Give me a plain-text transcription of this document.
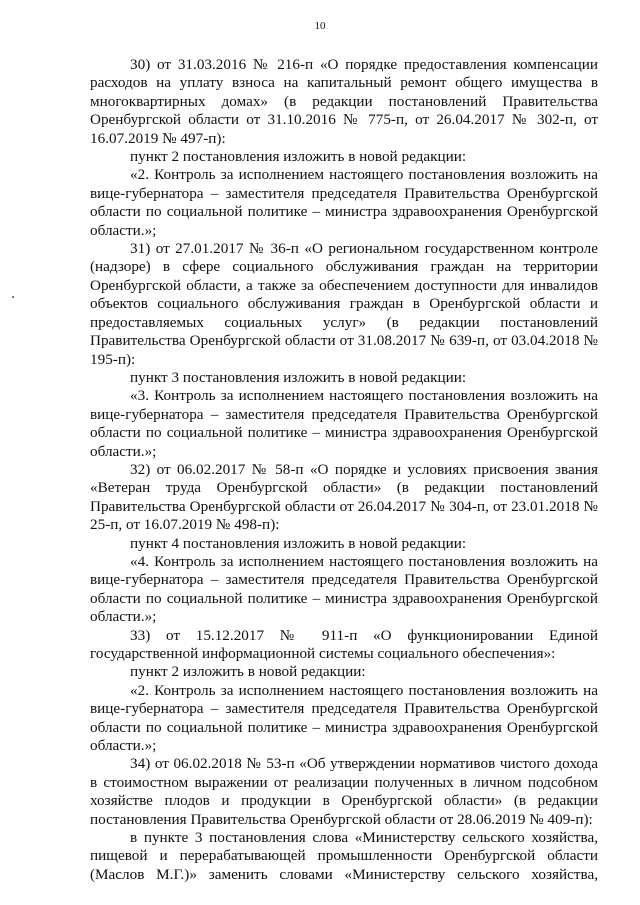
10

30) от 31.03.2016 № 216-п «О порядке предоставления компенсации расходов на уплату взноса на капитальный ремонт общего имущества в многоквартирных домах» (в редакции постановлений Правительства Оренбургской области от 31.10.2016 № 775-п, от 26.04.2017 № 302-п, от 16.07.2019 № 497-п):

пункт 2 постановления изложить в новой редакции:

«2. Контроль за исполнением настоящего постановления возложить на вице-губернатора – заместителя председателя Правительства Оренбургской области по социальной политике – министра здравоохранения Оренбургской области.»;

31) от 27.01.2017 № 36-п «О региональном государственном контроле (надзоре) в сфере социального обслуживания граждан на территории Оренбургской области, а также за обеспечением доступности для инвалидов объектов социального обслуживания граждан в Оренбургской области и предоставляемых социальных услуг» (в редакции постановлений Правительства Оренбургской области от 31.08.2017 № 639-п, от 03.04.2018 № 195-п):

пункт 3 постановления изложить в новой редакции:

«3. Контроль за исполнением настоящего постановления возложить на вице-губернатора – заместителя председателя Правительства Оренбургской области по социальной политике – министра здравоохранения Оренбургской области.»;

32) от 06.02.2017 № 58-п «О порядке и условиях присвоения звания «Ветеран труда Оренбургской области» (в редакции постановлений Правительства Оренбургской области от 26.04.2017 № 304-п, от 23.01.2018 № 25-п, от 16.07.2019 № 498-п):

пункт 4 постановления изложить в новой редакции:

«4. Контроль за исполнением настоящего постановления возложить на вице-губернатора – заместителя председателя Правительства Оренбургской области по социальной политике – министра здравоохранения Оренбургской области.»;

33) от 15.12.2017 № 911-п «О функционировании Единой государственной информационной системы социального обеспечения»:

пункт 2 изложить в новой редакции:

«2. Контроль за исполнением настоящего постановления возложить на вице-губернатора – заместителя председателя Правительства Оренбургской области по социальной политике – министра здравоохранения Оренбургской области.»;

34) от 06.02.2018 № 53-п «Об утверждении нормативов чистого дохода в стоимостном выражении от реализации полученных в личном подсобном хозяйстве плодов и продукции в Оренбургской области» (в редакции постановления Правительства Оренбургской области от 28.06.2019 № 409-п):

в пункте 3 постановления слова «Министерству сельского хозяйства, пищевой и перерабатывающей промышленности Оренбургской области (Маслов М.Г.)» заменить словами «Министерству сельского хозяйства,
